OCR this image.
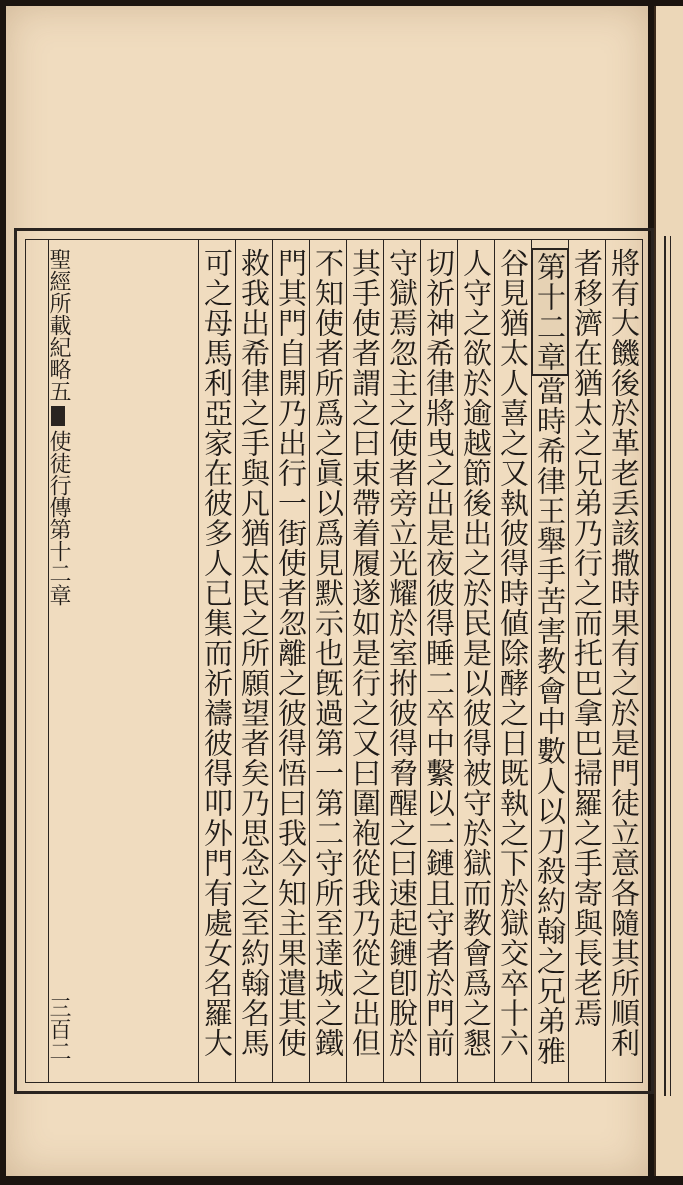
將有大饑後於革老丢該撒時果有之於是門徒立意各隨其所順利
者移濟在猶太之兄弟乃行之而托巴拿巴掃羅之手寄與長老焉
第十二章當時希律王舉手苦害教會中數人以刀殺約翰之兄弟雅
谷見猶太人喜之又執彼得時値除酵之日既執之下於獄交卒十六
人守之欲於逾越節後出之於民是以彼得被守於獄而教會爲之懇
切祈神希律將曳之出是夜彼得睡二卒中繫以二鏈且守者於門前
守獄焉忽主之使者旁立光耀於室拊彼得脅醒之曰速起鏈卽脫於
其手使者謂之曰束帶着履遂如是行之又曰圍袍從我乃從之出但
不知使者所爲之眞以爲見默示也旣過第一第二守所至達城之鐵
門其門自開乃出行一街使者忽離之彼得悟曰我今知主果遣其使
救我出希律之手與凡猶太民之所願望者矣乃思念之至約翰名馬
可之母馬利亞家在彼多人已集而祈禱彼得叩外門有處女名羅大
聖經所載紀略五使徒行傳第十二章
三百二
